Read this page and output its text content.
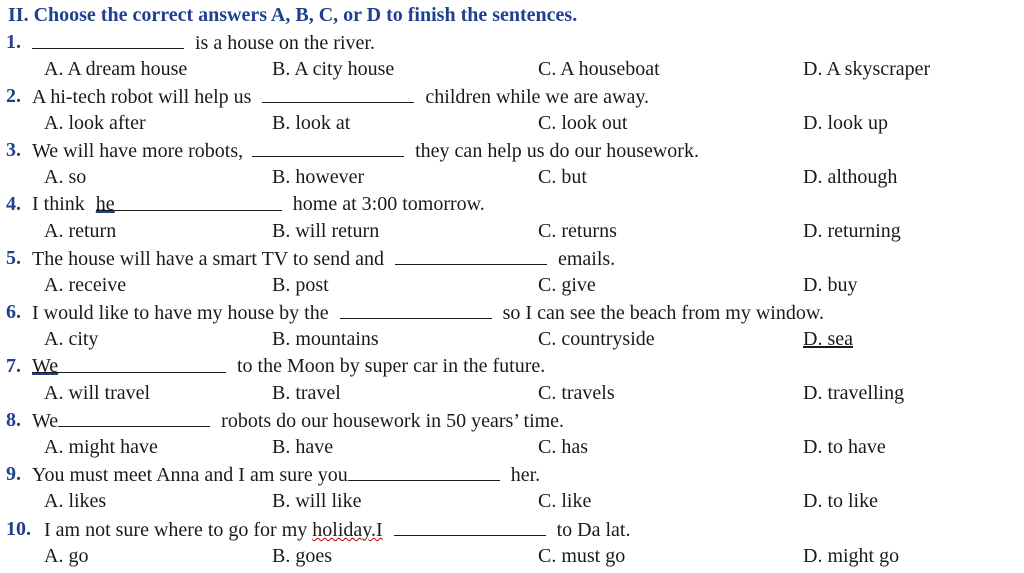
II. Choose the correct answers A, B, C, or D to finish the sentences.
1.	is a house on the river.
A. A dream house	B. A city house	C. A houseboat	D. A skyscraper
2. A hi-tech robot will help us	children while we are away.
A. look after	B. look at	C. look out	D. look up
3. We will have more robots,	they can help us do our housework.
A. so	B. however	C. but	D. although
4. I think he	home at 3:00 tomorrow.
A. return	B. will return	C. returns	D. returning
5. The house will have a smart TV to send and	emails.
A. receive	B. post	C. give	D. buy
6. I would like to have my house by the	so I can see the beach from my window.
A. city	B. mountains	C. countryside	D. sea
7. We	to the Moon by super car in the future.
A. will travel	B. travel	C. travels	D. travelling
8. We	robots do our housework in 50 years’ time.
A. might have	B. have	C. has	D. to have
9. You must meet Anna and I am sure you	her.
A. likes	B. will like	C. like	D. to like
10. I am not sure where to go for my holiday.I	to Da lat.
A. go	B. goes	C. must go	D. might go
